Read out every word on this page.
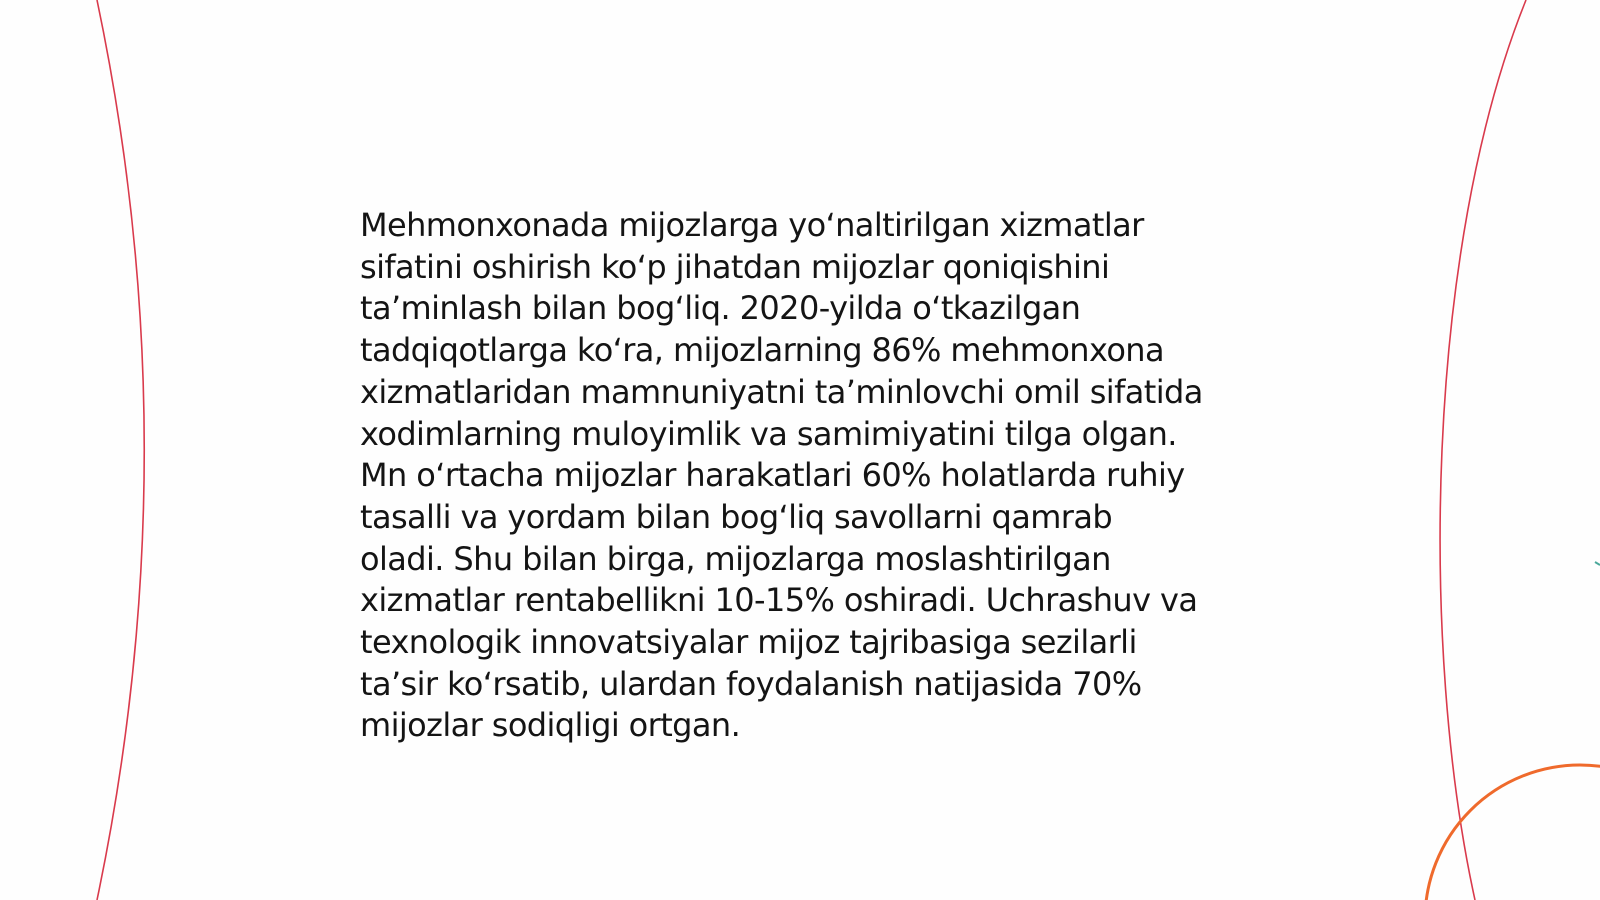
Mehmonxonada mijozlarga yoʻnaltirilgan xizmatlar
sifatini oshirish koʻp jihatdan mijozlar qoniqishini
taʼminlash bilan bogʻliq. 2020-yilda oʻtkazilgan
tadqiqotlarga koʻra, mijozlarning 86% mehmonxona
xizmatlaridan mamnuniyatni taʼminlovchi omil sifatida
xodimlarning muloyimlik va samimiyatini tilga olgan.
Mn oʻrtacha mijozlar harakatlari 60% holatlarda ruhiy
tasalli va yordam bilan bogʻliq savollarni qamrab
oladi. Shu bilan birga, mijozlarga moslashtirilgan
xizmatlar rentabellikni 10-15% oshiradi. Uchrashuv va
texnologik innovatsiyalar mijoz tajribasiga sezilarli
taʼsir koʻrsatib, ulardan foydalanish natijasida 70%
mijozlar sodiqligi ortgan.
